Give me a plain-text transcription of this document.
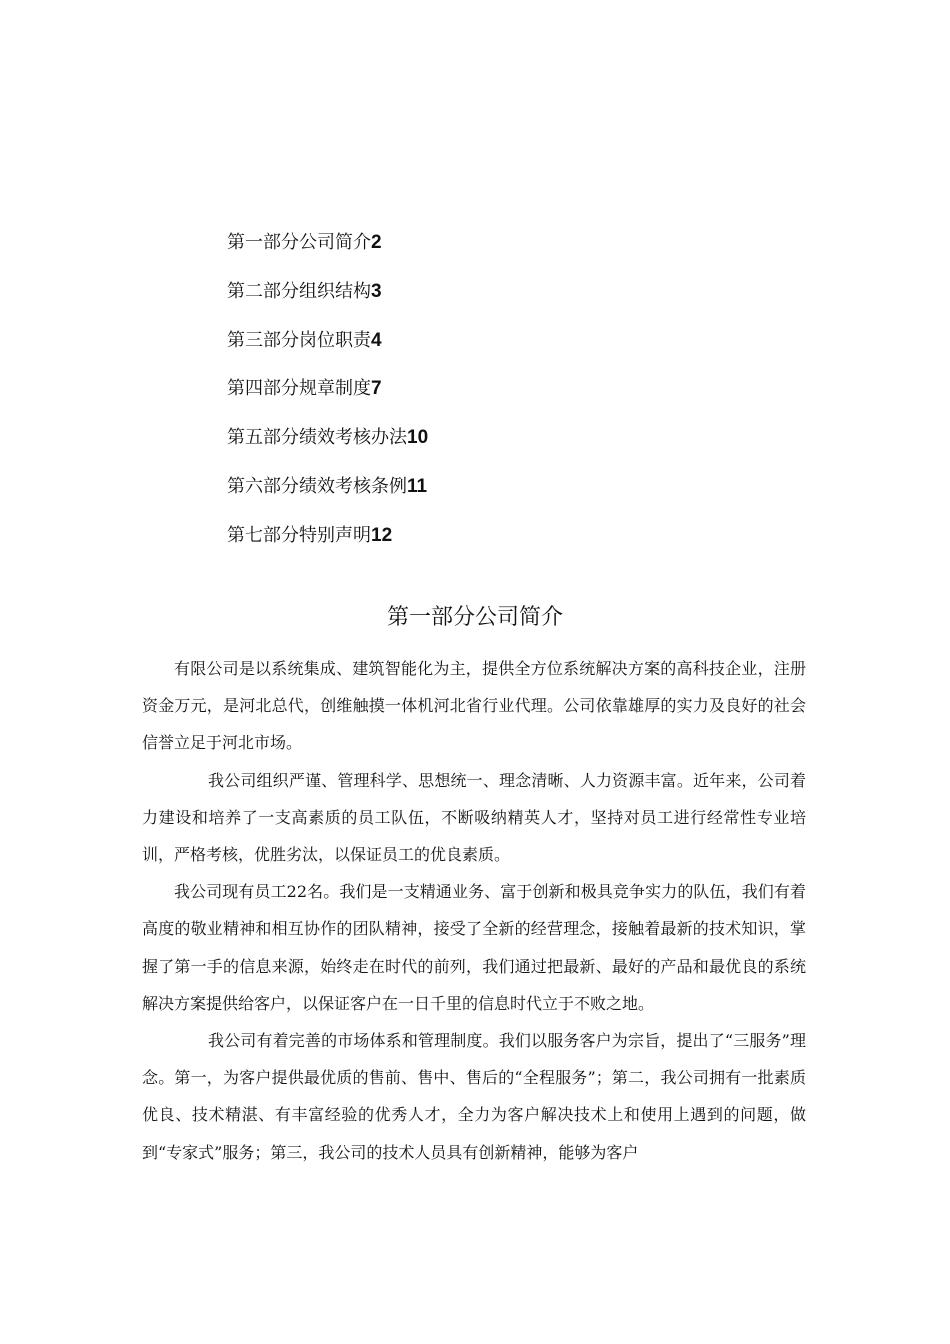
第一部分公司简介2
第二部分组织结构3
第三部分岗位职责4
第四部分规章制度7
第五部分绩效考核办法10
第六部分绩效考核条例11
第七部分特别声明12
第一部分公司简介

有限公司是以系统集成、建筑智能化为主，提供全方位系统解决方案的高科技企业，注册资金万元，是河北总代，创维触摸一体机河北省行业代理。公司依靠雄厚的实力及良好的社会信誉立足于河北市场。

我公司组织严谨、管理科学、思想统一、理念清晰、人力资源丰富。近年来，公司着力建设和培养了一支高素质的员工队伍，不断吸纳精英人才，坚持对员工进行经常性专业培训，严格考核，优胜劣汰，以保证员工的优良素质。

我公司现有员工22名。我们是一支精通业务、富于创新和极具竞争实力的队伍，我们有着高度的敬业精神和相互协作的团队精神，接受了全新的经营理念，接触着最新的技术知识，掌握了第一手的信息来源，始终走在时代的前列，我们通过把最新、最好的产品和最优良的系统解决方案提供给客户，以保证客户在一日千里的信息时代立于不败之地。

我公司有着完善的市场体系和管理制度。我们以服务客户为宗旨，提出了“三服务”理念。第一，为客户提供最优质的售前、售中、售后的“全程服务”；第二，我公司拥有一批素质优良、技术精湛、有丰富经验的优秀人才，全力为客户解决技术上和使用上遇到的问题，做到“专家式”服务；第三，我公司的技术人员具有创新精神，能够为客户
